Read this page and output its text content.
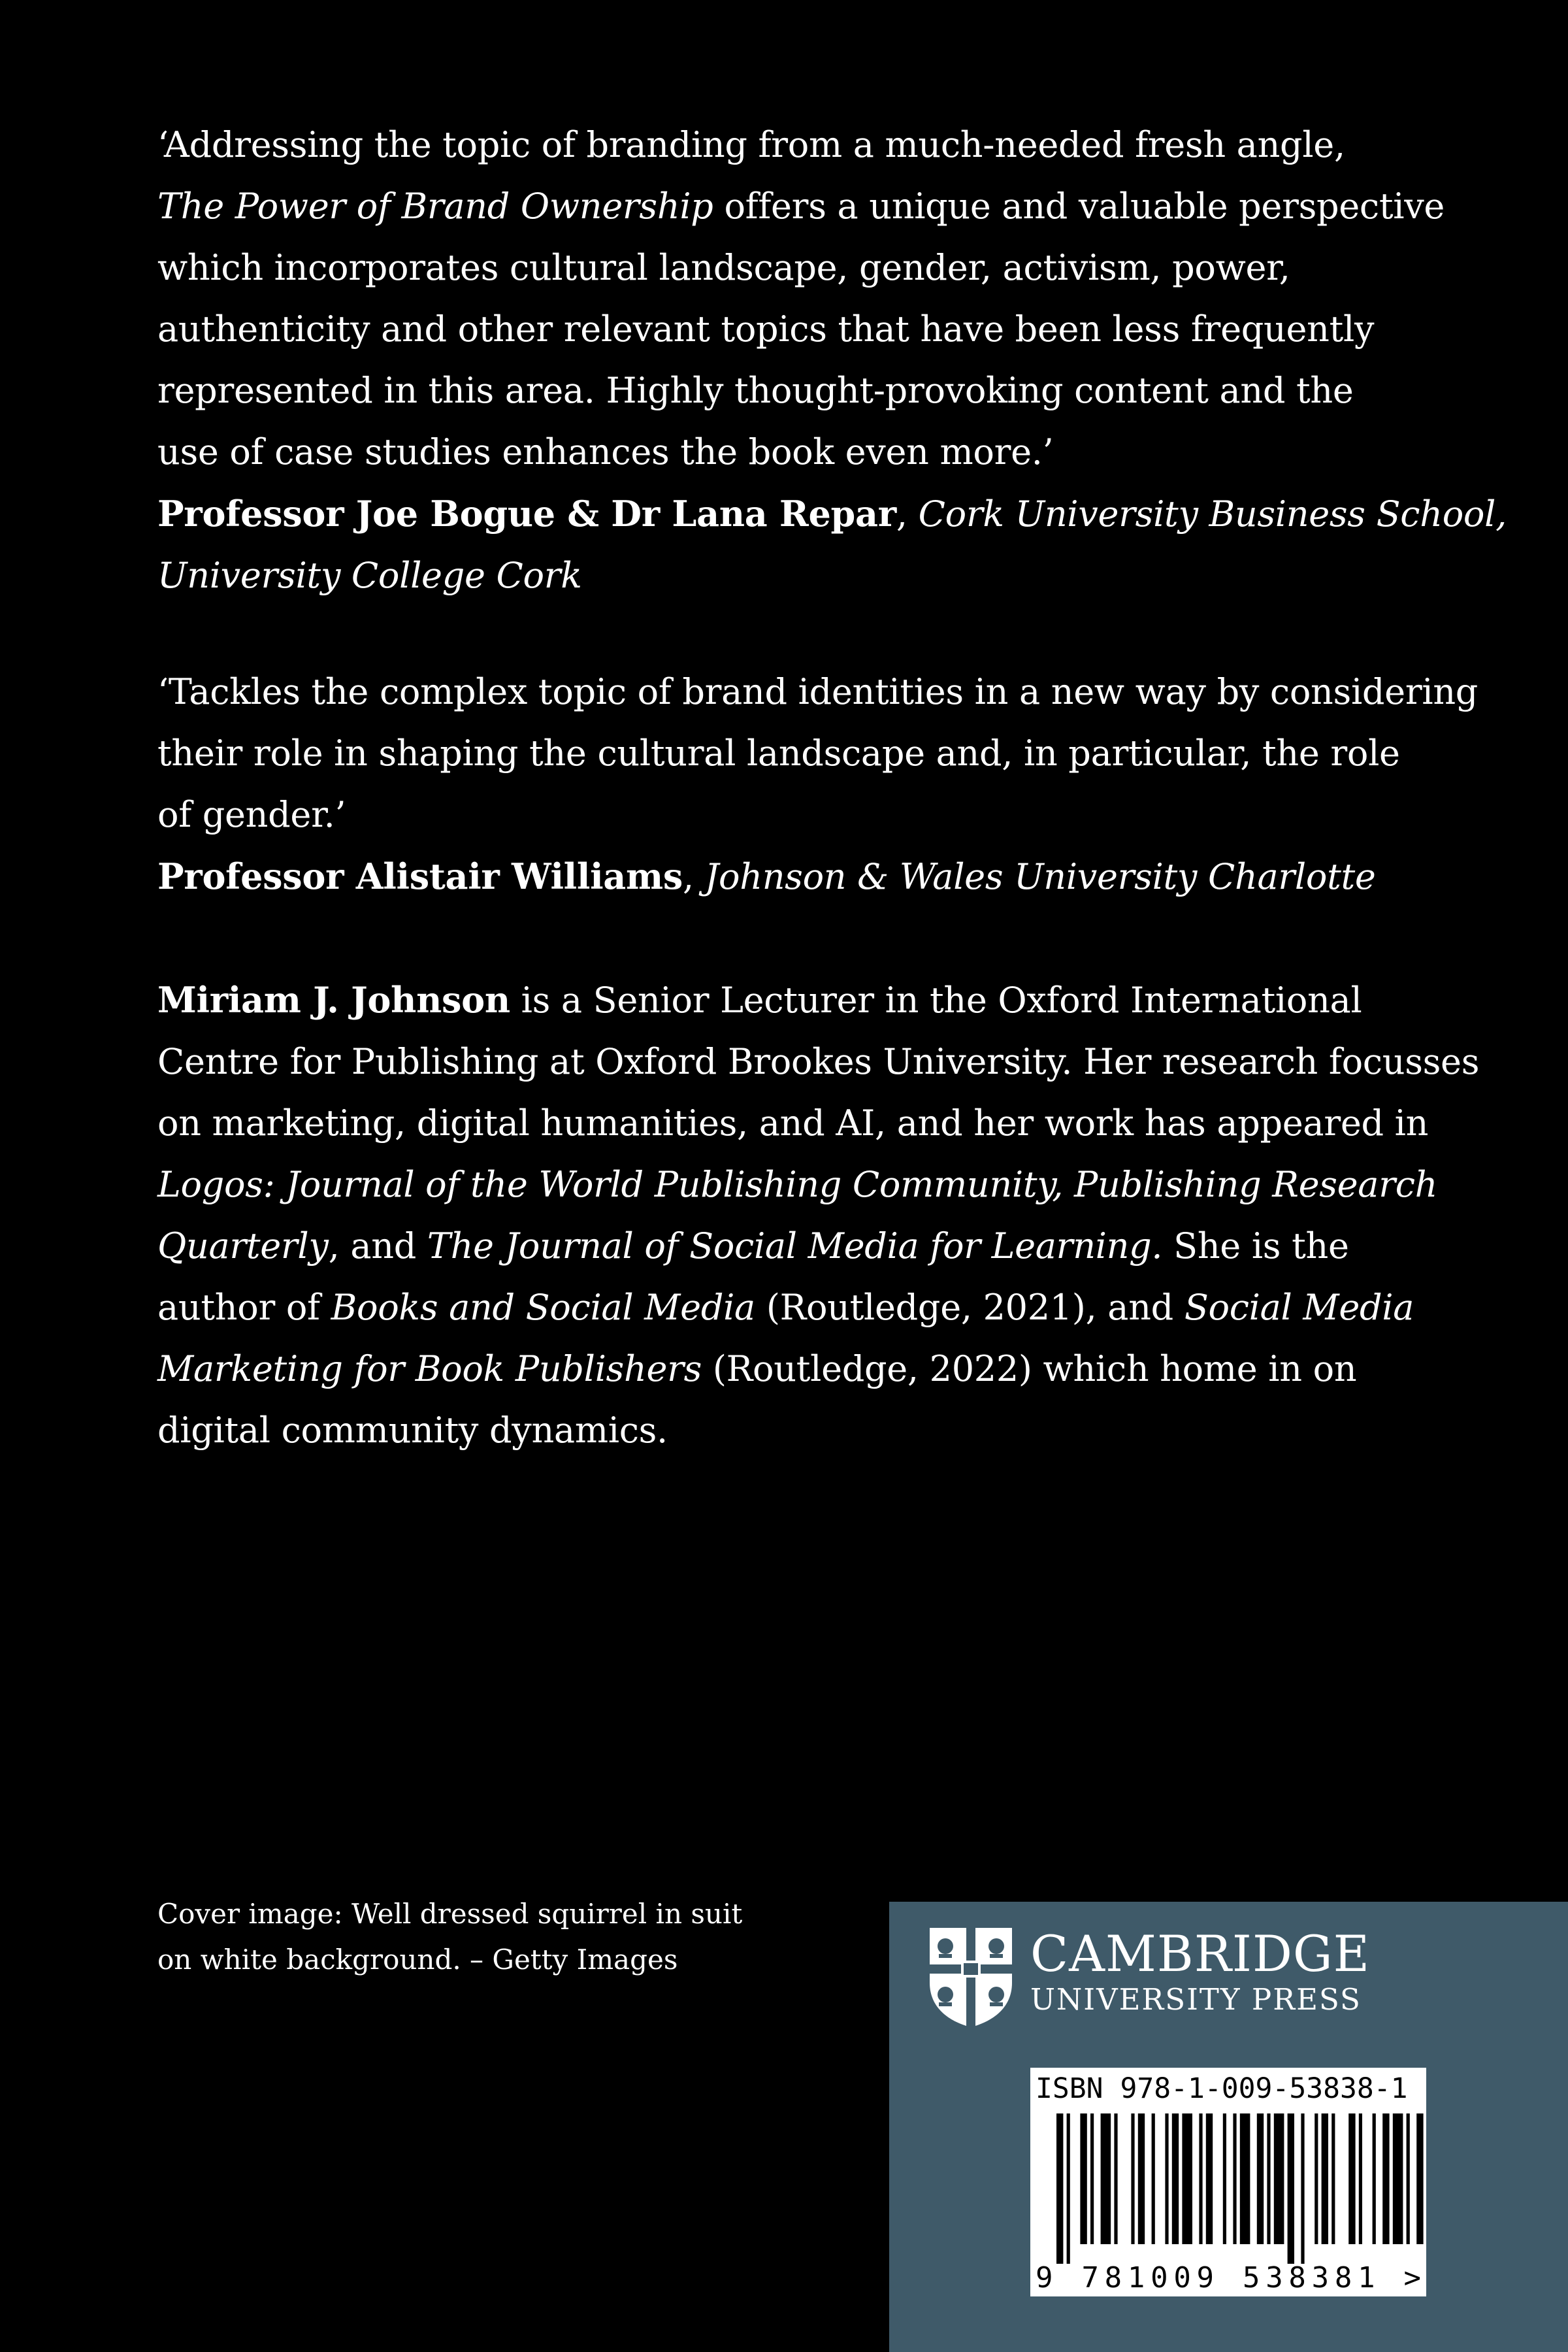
‘Addressing the topic of branding from a much-needed fresh angle,
The Power of Brand Ownership offers a unique and valuable perspective
which incorporates cultural landscape, gender, activism, power,
authenticity and other relevant topics that have been less frequently
represented in this area. Highly thought-provoking content and the
use of case studies enhances the book even more.’
Professor Joe Bogue & Dr Lana Repar, Cork University Business School,
University College Cork
‘Tackles the complex topic of brand identities in a new way by considering
their role in shaping the cultural landscape and, in particular, the role
of gender.’
Professor Alistair Williams, Johnson & Wales University Charlotte
Miriam J. Johnson is a Senior Lecturer in the Oxford International
Centre for Publishing at Oxford Brookes University. Her research focusses
on marketing, digital humanities, and AI, and her work has appeared in
Logos: Journal of the World Publishing Community, Publishing Research
Quarterly, and The Journal of Social Media for Learning. She is the
author of Books and Social Media (Routledge, 2021), and Social Media
Marketing for Book Publishers (Routledge, 2022) which home in on
digital community dynamics.
Cover image: Well dressed squirrel in suit
on white background. – Getty Images	CAMBRIDGE
UNIVERSITY PRESS
9 781009 538381 >
ISBN 978-1-009-53838-1
